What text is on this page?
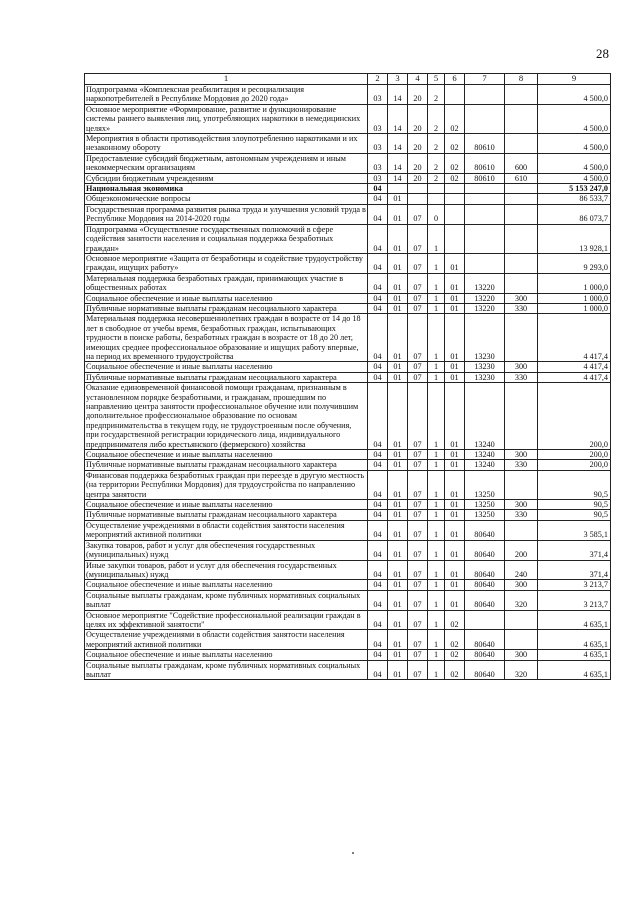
28
1	2	3	4	5	6	7	8	9
Подпрограмма «Комплексная реабилитация и ресоциализация наркопотребителей в Республике Мордовия до 2020 года»	03	14	20	2				4 500,0
Основное мероприятие «Формирование, развитие и функционирование системы раннего выявления лиц, употребляющих наркотики в немедицинских целях»	03	14	20	2	02			4 500,0
Мероприятия в области противодействия злоупотреблению наркотиками и их незаконному обороту	03	14	20	2	02	80610		4 500,0
Предоставление субсидий бюджетным, автономным учреждениям и иным некоммерческим организациям	03	14	20	2	02	80610	600	4 500,0
Субсидии бюджетным учреждениям	03	14	20	2	02	80610	610	4 500,0
Национальная экономика	04							5 153 247,0
Общеэкономические вопросы	04	01						86 533,7
Государственная программа развития рынка труда и улучшения условий труда в Республике Мордовия на 2014-2020 годы	04	01	07	0				86 073,7
Подпрограмма «Осуществление государственных полномочий в сфере содействия занятости населения и социальная поддержка безработных граждан»	04	01	07	1				13 928,1
Основное мероприятие «Защита от безработицы и содействие трудоустройству граждан, ищущих работу»	04	01	07	1	01			9 293,0
Материальная поддержка безработных граждан, принимающих участие в общественных работах	04	01	07	1	01	13220		1 000,0
Социальное обеспечение и иные выплаты населению	04	01	07	1	01	13220	300	1 000,0
Публичные нормативные выплаты гражданам несоциального характера	04	01	07	1	01	13220	330	1 000,0
Материальная поддержка несовершеннолетних граждан в возрасте от 14 до 18 лет в свободное от учебы время, безработных граждан, испытывающих трудности в поиске работы, безработных граждан в возрасте от 18 до 20 лет, имеющих среднее профессиональное образование и ищущих работу впервые, на период их временного трудоустройства	04	01	07	1	01	13230		4 417,4
Социальное обеспечение и иные выплаты населению	04	01	07	1	01	13230	300	4 417,4
Публичные нормативные выплаты гражданам несоциального характера	04	01	07	1	01	13230	330	4 417,4
Оказание единовременной финансовой помощи гражданам, признанным в установленном порядке безработными, и гражданам, прошедшим по направлению центра занятости профессиональное обучение или получившим дополнительное профессиональное образование по основам предпринимательства в текущем году, не трудоустроенным после обучения, при государственной регистрации юридического лица, индивидуального предпринимателя либо крестьянского (фермерского) хозяйства	04	01	07	1	01	13240		200,0
Социальное обеспечение и иные выплаты населению	04	01	07	1	01	13240	300	200,0
Публичные нормативные выплаты гражданам несоциального характера	04	01	07	1	01	13240	330	200,0
Финансовая поддержка безработных граждан при переезде в другую местность (на территории Республики Мордовия) для трудоустройства по направлению центра занятости	04	01	07	1	01	13250		90,5
Социальное обеспечение и иные выплаты населению	04	01	07	1	01	13250	300	90,5
Публичные нормативные выплаты гражданам несоциального характера	04	01	07	1	01	13250	330	90,5
Осуществление учреждениями в области содействия занятости населения мероприятий активной политики	04	01	07	1	01	80640		3 585,1
Закупка товаров, работ и услуг для обеспечения государственных (муниципальных) нужд	04	01	07	1	01	80640	200	371,4
Иные закупки товаров, работ и услуг для обеспечения государственных (муниципальных) нужд	04	01	07	1	01	80640	240	371,4
Социальное обеспечение и иные выплаты населению	04	01	07	1	01	80640	300	3 213,7
Социальные выплаты гражданам, кроме публичных нормативных социальных выплат	04	01	07	1	01	80640	320	3 213,7
Основное мероприятие "Содействие профессиональной реализации граждан в целях их эффективной занятости"	04	01	07	1	02			4 635,1
Осуществление учреждениями в области содействия занятости населения мероприятий активной политики	04	01	07	1	02	80640		4 635,1
Социальное обеспечение и иные выплаты населению	04	01	07	1	02	80640	300	4 635,1
Социальные выплаты гражданам, кроме публичных нормативных социальных выплат	04	01	07	1	02	80640	320	4 635,1
